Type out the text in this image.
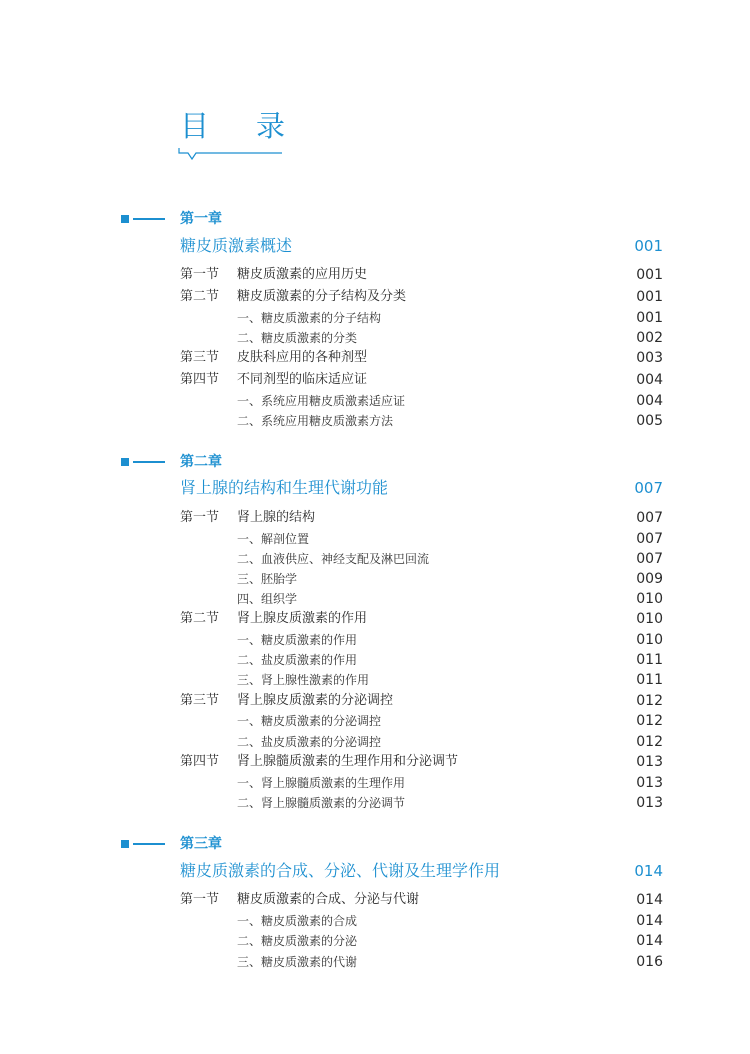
目 录
第一章
糖皮质激素概述	001
第一节 糖皮质激素的应用历史	001
第二节 糖皮质激素的分子结构及分类	001
一、糖皮质激素的分子结构	001
二、糖皮质激素的分类	002
第三节 皮肤科应用的各种剂型	003
第四节 不同剂型的临床适应证	004
一、系统应用糖皮质激素适应证	004
二、系统应用糖皮质激素方法	005
第二章
肾上腺的结构和生理代谢功能	007
第一节 肾上腺的结构	007
一、解剖位置	007
二、血液供应、神经支配及淋巴回流	007
三、胚胎学	009
四、组织学	010
第二节 肾上腺皮质激素的作用	010
一、糖皮质激素的作用	010
二、盐皮质激素的作用	011
三、肾上腺性激素的作用	011
第三节 肾上腺皮质激素的分泌调控	012
一、糖皮质激素的分泌调控	012
二、盐皮质激素的分泌调控	012
第四节 肾上腺髓质激素的生理作用和分泌调节	013
一、肾上腺髓质激素的生理作用	013
二、肾上腺髓质激素的分泌调节	013
第三章
糖皮质激素的合成、分泌、代谢及生理学作用	014
第一节 糖皮质激素的合成、分泌与代谢	014
一、糖皮质激素的合成	014
二、糖皮质激素的分泌	014
三、糖皮质激素的代谢	016
